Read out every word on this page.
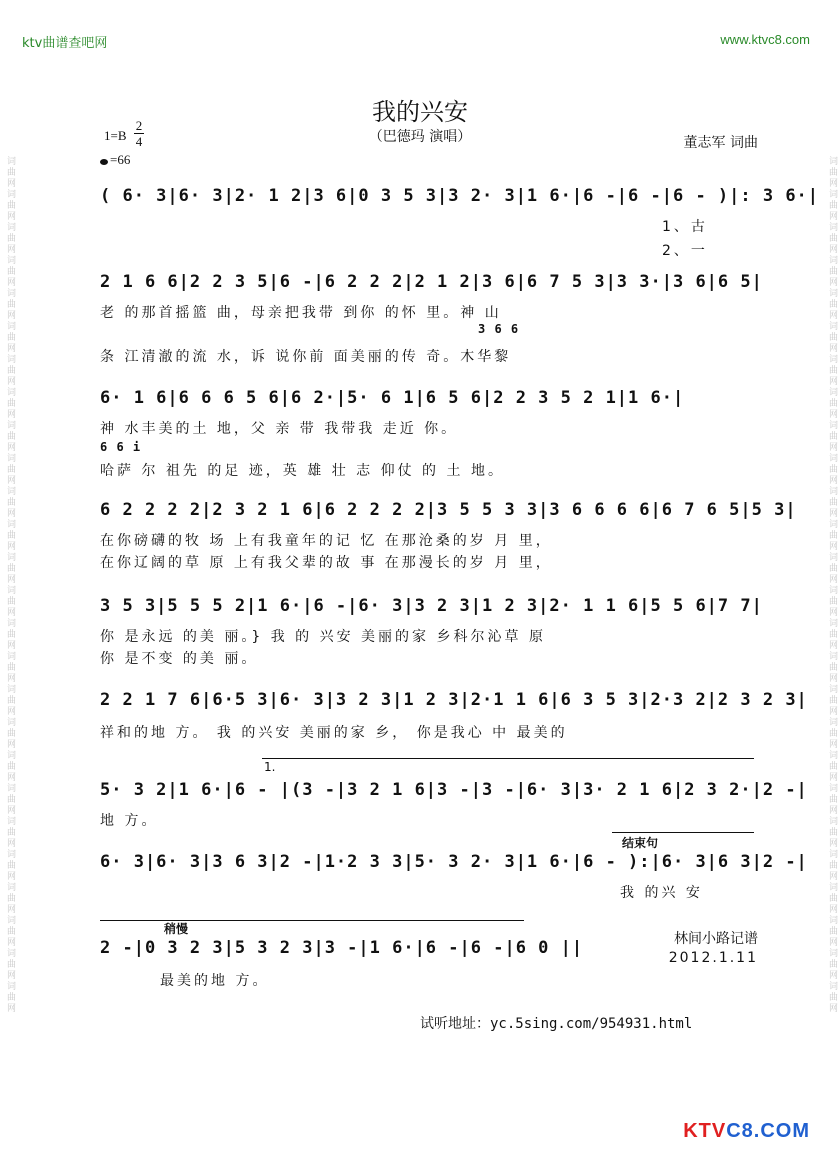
词曲网词曲网词曲网词曲网词曲网词曲网词曲网词曲网词曲网词曲网词曲网词曲网词曲网词曲网词曲网词曲网词曲网词曲网词曲网词曲网词曲网词曲网词曲网词曲网词曲网词曲网	词曲网词曲网词曲网词曲网词曲网词曲网词曲网词曲网词曲网词曲网词曲网词曲网词曲网词曲网词曲网词曲网词曲网词曲网词曲网词曲网词曲网词曲网词曲网词曲网词曲网词曲网
ktv曲谱查吧网	www.ktvc8.com
我的兴安
（巴德玛 演唱）
1=B
2
4
=66
董志军 词曲
( 6· 3|6· 3|2· 1 2|3 6|0 3 5 3|3 2· 3|1 6·|6 -|6 -|6 - )|: 3 6·|
1、古
2、一
2 1 6 6|2 2 3 5|6 -|6 2 2 2|2 1 2|3 6|6 7 5 3|3 3·|3 6|6 5|
老 的那首摇篮 曲，母亲把我带 到你 的怀 里。神 山
3 6 6
条 江清澈的流 水，诉 说你前 面美丽的传 奇。木华黎
6· 1 6|6 6 6 5 6|6 2·|5· 6 1|6 5 6|2 2 3 5 2 1|1 6·|
神 水丰美的土 地，父 亲 带 我带我 走近 你。
6 6 i
哈萨 尔 祖先 的足 迹，英 雄 壮 志 仰仗 的 土 地。
6 2 2 2 2|2 3 2 1 6|6 2 2 2 2|3 5 5 3 3|3 6 6 6 6|6 7 6 5|5 3|
在你磅礴的牧 场 上有我童年的记 忆 在那沧桑的岁 月 里，
在你辽阔的草 原 上有我父辈的故 事 在那漫长的岁 月 里，
3 5 3|5 5 5 2|1 6·|6 -|6· 3|3 2 3|1 2 3|2· 1 1 6|5 5 6|7 7|
你 是永远 的美 丽。} 我 的 兴安 美丽的家 乡科尔沁草 原
你 是不变 的美 丽。
2 2 1 7 6|6·5 3|6· 3|3 2 3|1 2 3|2·1 1 6|6 3 5 3|2·3 2|2 3 2 3|
祥和的地 方。 我 的兴安 美丽的家 乡， 你是我心 中 最美的
1.
5· 3 2|1 6·|6 - |(3 -|3 2 1 6|3 -|3 -|6· 3|3· 2 1 6|2 3 2·|2 -|
地 方。
结束句
6· 3|6· 3|3 6 3|2 -|1·2 3 3|5· 3 2· 3|1 6·|6 - ):|6· 3|6 3|2 -|
我 的兴 安
稍慢
2 -|0 3 2 3|5 3 2 3|3 -|1 6·|6 -|6 -|6 0 ||
最美的地 方。
林间小路记谱
2012.1.11
试听地址：yc.5sing.com/954931.html
KTVC8.COM
